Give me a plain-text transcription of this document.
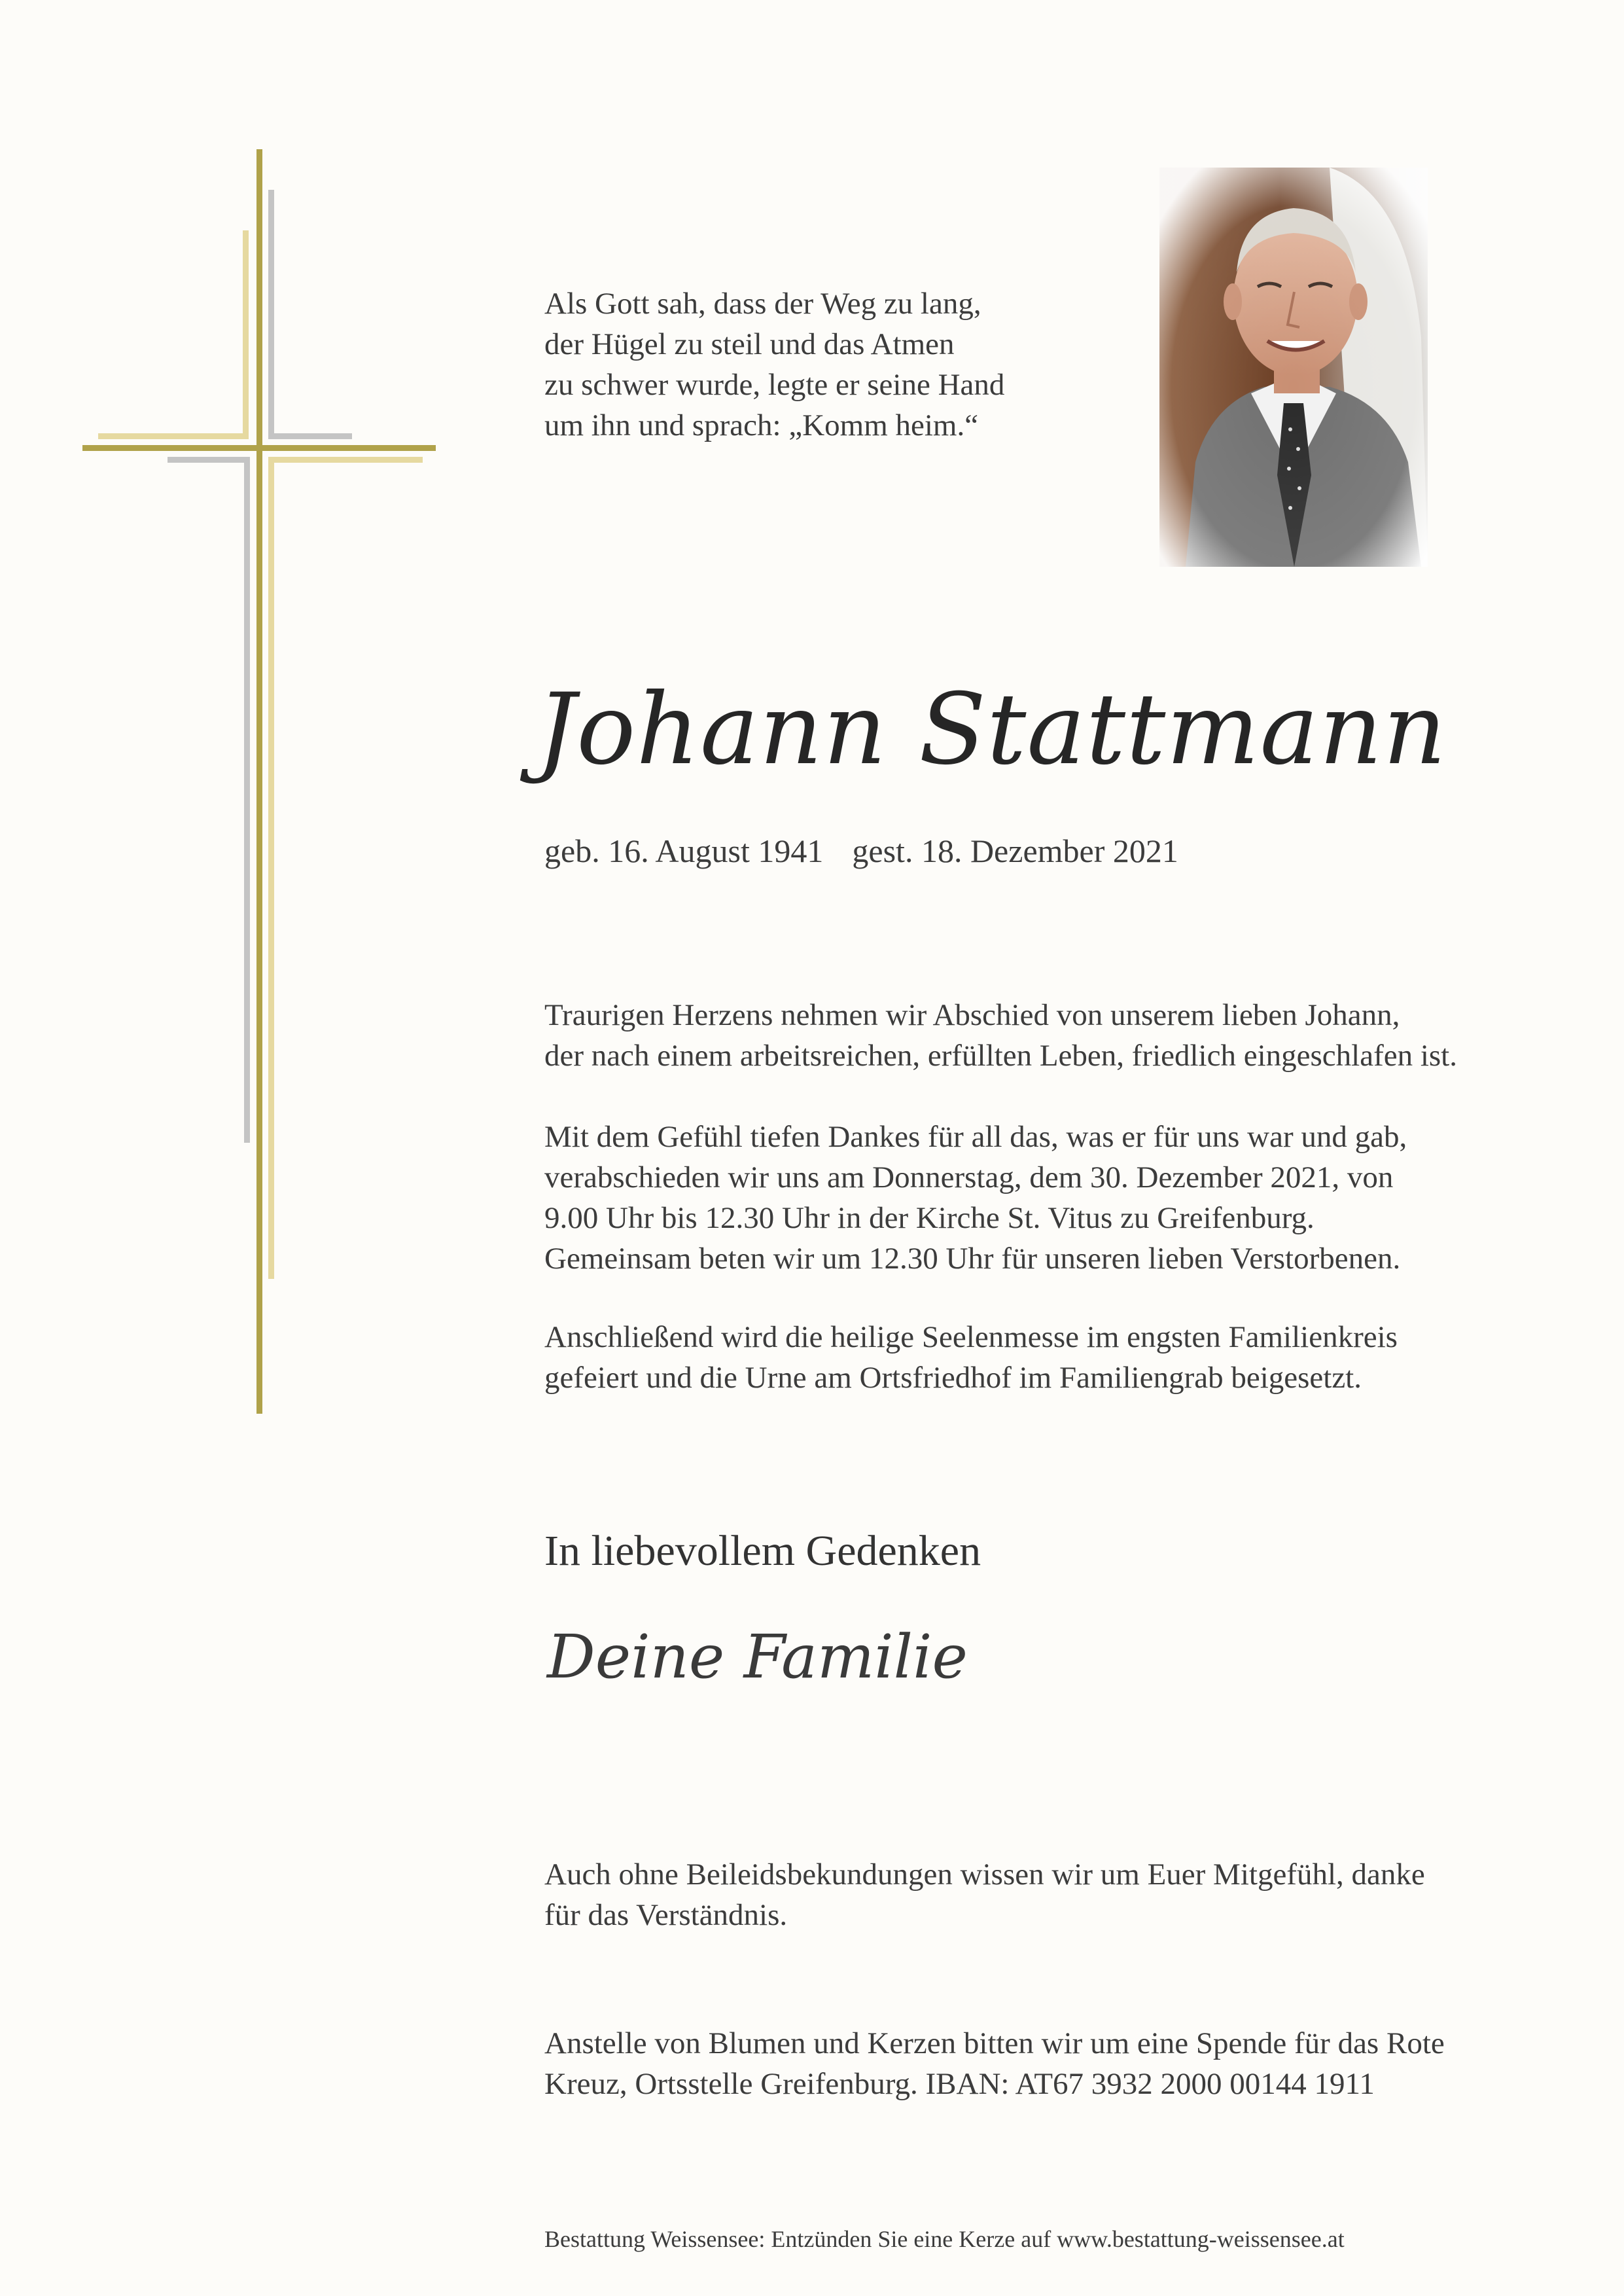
Als Gott sah, dass der Weg zu lang,
der Hügel zu steil und das Atmen
zu schwer wurde, legte er seine Hand
um ihn und sprach: „Komm heim.“
Johann Stattmann
geb. 16. August 1941 gest. 18. Dezember 2021
Traurigen Herzens nehmen wir Abschied von unserem lieben Johann,
der nach einem arbeitsreichen, erfüllten Leben, friedlich eingeschlafen ist.
Mit dem Gefühl tiefen Dankes für all das, was er für uns war und gab,
verabschieden wir uns am Donnerstag, dem 30. Dezember 2021, von
9.00 Uhr bis 12.30 Uhr in der Kirche St. Vitus zu Greifenburg.
Gemeinsam beten wir um 12.30 Uhr für unseren lieben Verstorbenen.
Anschließend wird die heilige Seelenmesse im engsten Familienkreis
gefeiert und die Urne am Ortsfriedhof im Familiengrab beigesetzt.
In liebevollem Gedenken
Deine Familie
Auch ohne Beileidsbekundungen wissen wir um Euer Mitgefühl, danke
für das Verständnis.
Anstelle von Blumen und Kerzen bitten wir um eine Spende für das Rote
Kreuz, Ortsstelle Greifenburg. IBAN: AT67 3932 2000 00144 1911
Bestattung Weissensee: Entzünden Sie eine Kerze auf www.bestattung-weissensee.at
